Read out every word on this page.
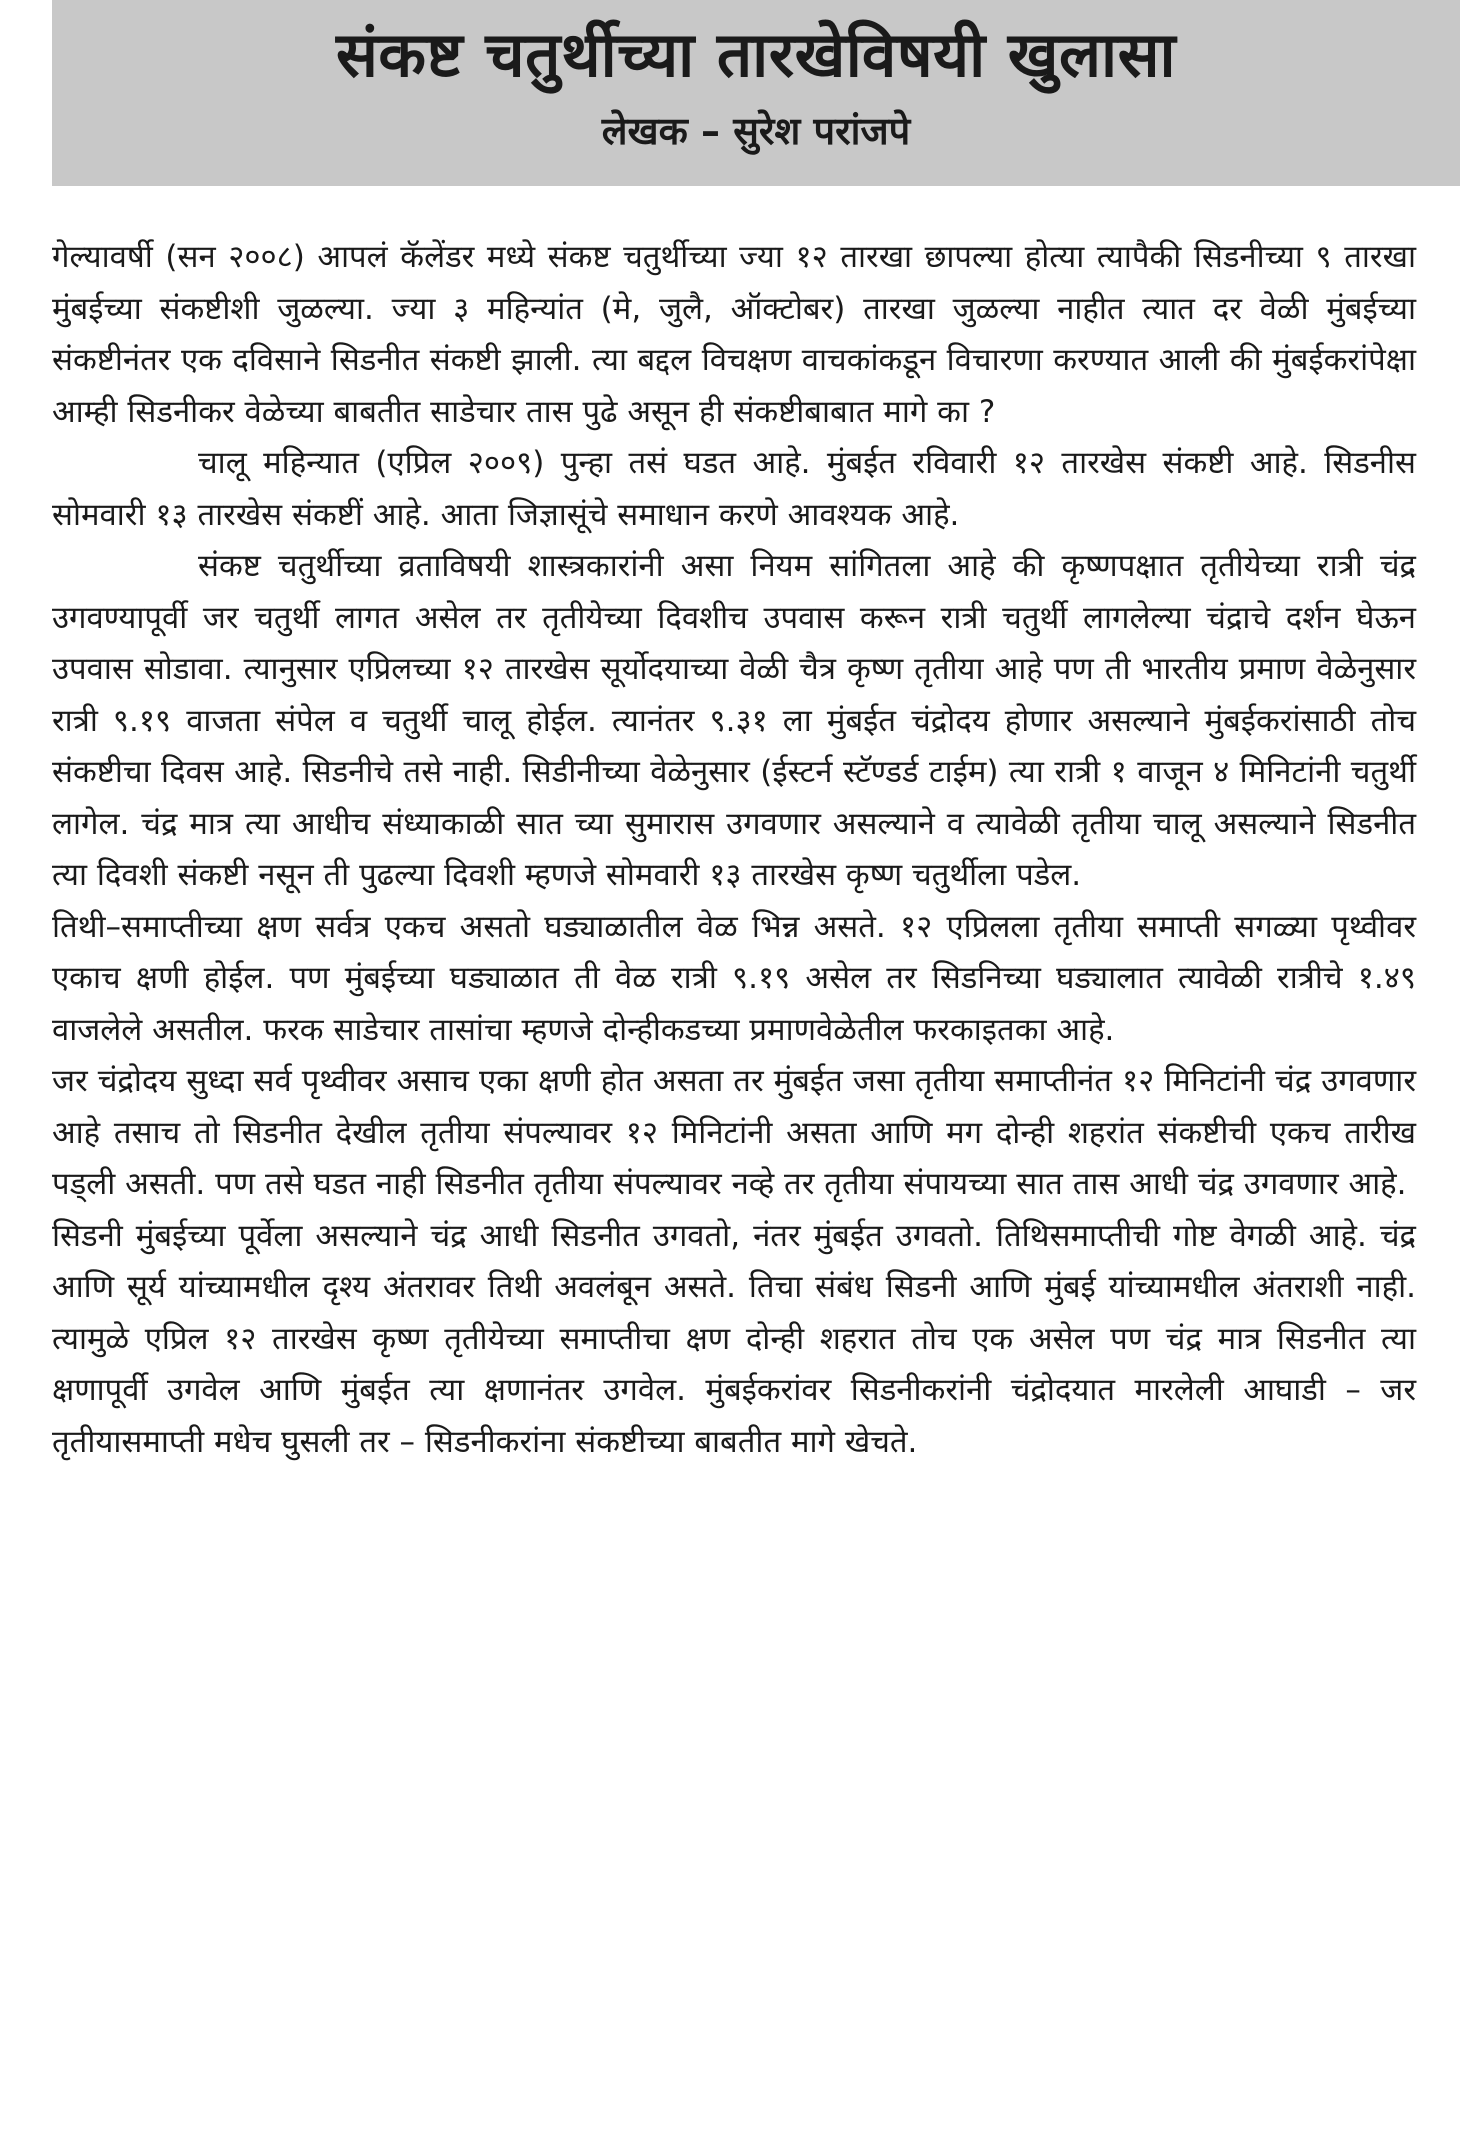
संकष्ट चतुर्थीच्या तारखेविषयी खुलासा
लेखक – सुरेश परांजपे

गेल्यावर्षी (सन २००८) आपलं कॅलेंडर मध्ये संकष्ट चतुर्थीच्या ज्या १२ तारखा छापल्या होत्या त्यापैकी सिडनीच्या ९ तारखा मुंबईच्या संकष्टीशी जुळल्या. ज्या ३ महिन्यांत (मे, जुलै, ऑक्टोबर) तारखा जुळल्या नाहीत त्यात दर वेळी मुंबईच्या संकष्टीनंतर एक दविसाने सिडनीत संकष्टी झाली. त्या बद्दल विचक्षण वाचकांकडून विचारणा करण्यात आली की मुंबईकरांपेक्षा आम्ही सिडनीकर वेळेच्या बाबतीत साडेचार तास पुढे असून ही संकष्टीबाबात मागे का ?

चालू महिन्यात (एप्रिल २००९) पुन्हा तसं घडत आहे. मुंबईत रविवारी १२ तारखेस संकष्टी आहे. सिडनीस सोमवारी १३ तारखेस संकष्टीं आहे. आता जिज्ञासूंचे समाधान करणे आवश्यक आहे.

संकष्ट चतुर्थीच्या व्रताविषयी शास्त्रकारांनी असा नियम सांगितला आहे की कृष्णपक्षात तृतीयेच्या रात्री चंद्र उगवण्यापूर्वी जर चतुर्थी लागत असेल तर तृतीयेच्या दिवशीच उपवास करून रात्री चतुर्थी लागलेल्या चंद्राचे दर्शन घेऊन उपवास सोडावा. त्यानुसार एप्रिलच्या १२ तारखेस सूर्योदयाच्या वेळी चैत्र कृष्ण तृतीया आहे पण ती भारतीय प्रमाण वेळेनुसार रात्री ९.१९ वाजता संपेल व चतुर्थी चालू होईल. त्यानंतर ९.३१ ला मुंबईत चंद्रोदय होणार असल्याने मुंबईकरांसाठी तोच संकष्टीचा दिवस आहे. सिडनीचे तसे नाही. सिडीनीच्या वेळेनुसार (ईस्टर्न स्टॅण्डर्ड टाईम) त्या रात्री १ वाजून ४ मिनिटांनी चतुर्थी लागेल. चंद्र मात्र त्या आधीच संध्याकाळी सात च्या सुमारास उगवणार असल्याने व त्यावेळी तृतीया चालू असल्याने सिडनीत त्या दिवशी संकष्टी नसून ती पुढल्या दिवशी म्हणजे सोमवारी १३ तारखेस कृष्ण चतुर्थीला पडेल.

तिथी–समाप्तीच्या क्षण सर्वत्र एकच असतो घड्याळातील वेळ भिन्न असते. १२ एप्रिलला तृतीया समाप्ती सगळ्या पृथ्वीवर एकाच क्षणी होईल. पण मुंबईच्या घड्याळात ती वेळ रात्री ९.१९ असेल तर सिडनिच्या घड्यालात त्यावेळी रात्रीचे १.४९ वाजलेले असतील. फरक साडेचार तासांचा म्हणजे दोन्हीकडच्या प्रमाणवेळेतील फरकाइतका आहे.

जर चंद्रोदय सुध्दा सर्व पृथ्वीवर असाच एका क्षणी होत असता तर मुंबईत जसा तृतीया समाप्तीनंत १२ मिनिटांनी चंद्र उगवणार आहे तसाच तो सिडनीत देखील तृतीया संपल्यावर १२ मिनिटांनी असता आणि मग दोन्ही शहरांत संकष्टीची एकच तारीख पड्ली असती. पण तसे घडत नाही सिडनीत तृतीया संपल्यावर नव्हे तर तृतीया संपायच्या सात तास आधी चंद्र उगवणार आहे.

सिडनी मुंबईच्या पूर्वेला असल्याने चंद्र आधी सिडनीत उगवतो, नंतर मुंबईत उगवतो. तिथिसमाप्तीची गोष्ट वेगळी आहे. चंद्र आणि सूर्य यांच्यामधील दृश्य अंतरावर तिथी अवलंबून असते. तिचा संबंध सिडनी आणि मुंबई यांच्यामधील अंतराशी नाही. त्यामुळे एप्रिल १२ तारखेस कृष्ण तृतीयेच्या समाप्तीचा क्षण दोन्ही शहरात तोच एक असेल पण चंद्र मात्र सिडनीत त्या क्षणापूर्वी उगवेल आणि मुंबईत त्या क्षणानंतर उगवेल. मुंबईकरांवर सिडनीकरांनी चंद्रोदयात मारलेली आघाडी – जर तृतीयासमाप्ती मधेच घुसली तर – सिडनीकरांना संकष्टीच्या बाबतीत मागे खेचते.
